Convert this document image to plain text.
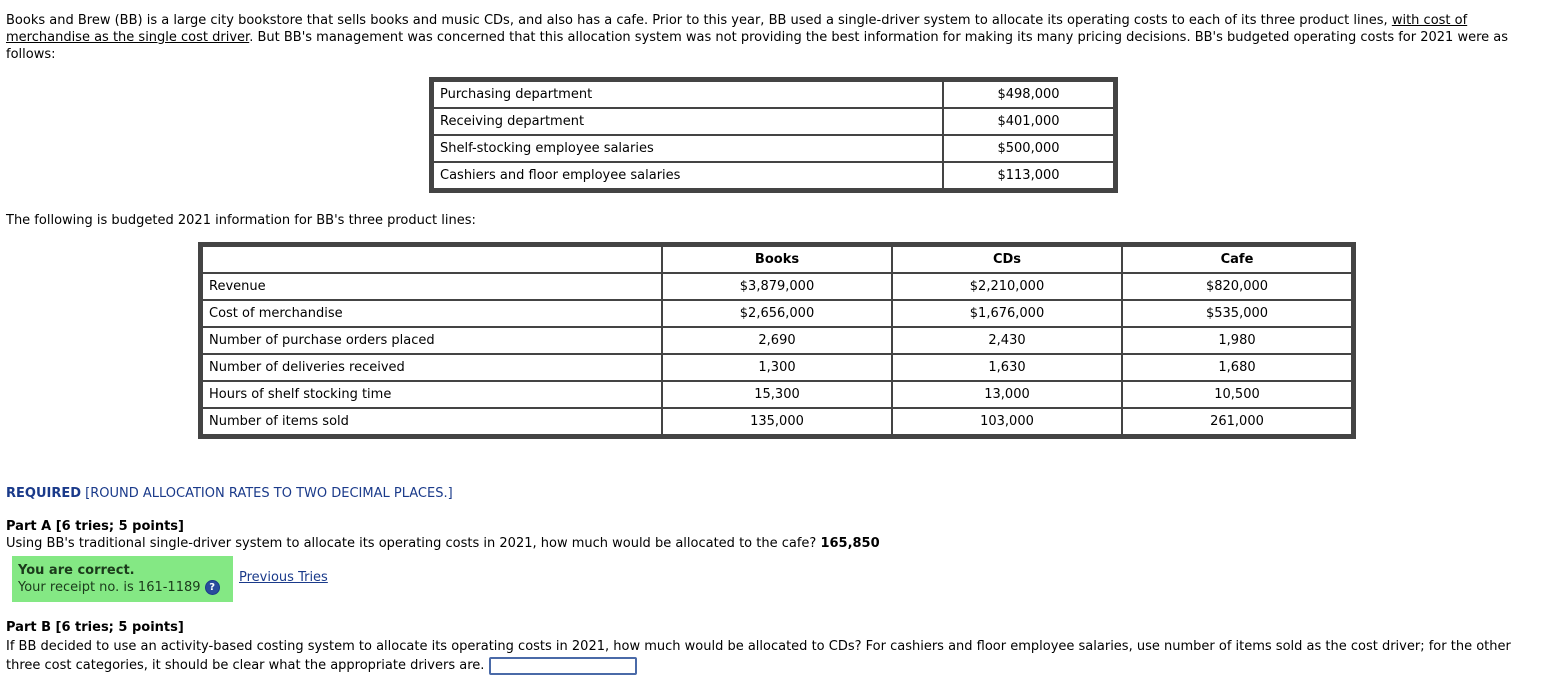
Books and Brew (BB) is a large city bookstore that sells books and music CDs, and also has a cafe. Prior to this year, BB used a single-driver system to allocate its operating costs to each of its three product lines, with cost of merchandise as the single cost driver. But BB's management was concerned that this allocation system was not providing the best information for making its many pricing decisions. BB's budgeted operating costs for 2021 were as follows:

Purchasing department	$498,000
Receiving department	$401,000
Shelf-stocking employee salaries	$500,000
Cashiers and floor employee salaries	$113,000

The following is budgeted 2021 information for BB's three product lines:

	Books	CDs	Cafe
Revenue	$3,879,000	$2,210,000	$820,000
Cost of merchandise	$2,656,000	$1,676,000	$535,000
Number of purchase orders placed	2,690	2,430	1,980
Number of deliveries received	1,300	1,630	1,680
Hours of shelf stocking time	15,300	13,000	10,500
Number of items sold	135,000	103,000	261,000

REQUIRED [ROUND ALLOCATION RATES TO TWO DECIMAL PLACES.]

Part A [6 tries; 5 points]

Using BB's traditional single-driver system to allocate its operating costs in 2021, how much would be allocated to the cafe? 165,850

You are correct.
Your receipt no. is 161-1189 ?
Previous Tries

Part B [6 tries; 5 points]

If BB decided to use an activity-based costing system to allocate its operating costs in 2021, how much would be allocated to CDs? For cashiers and floor employee salaries, use number of items sold as the cost driver; for the other three cost categories, it should be clear what the appropriate drivers are.
